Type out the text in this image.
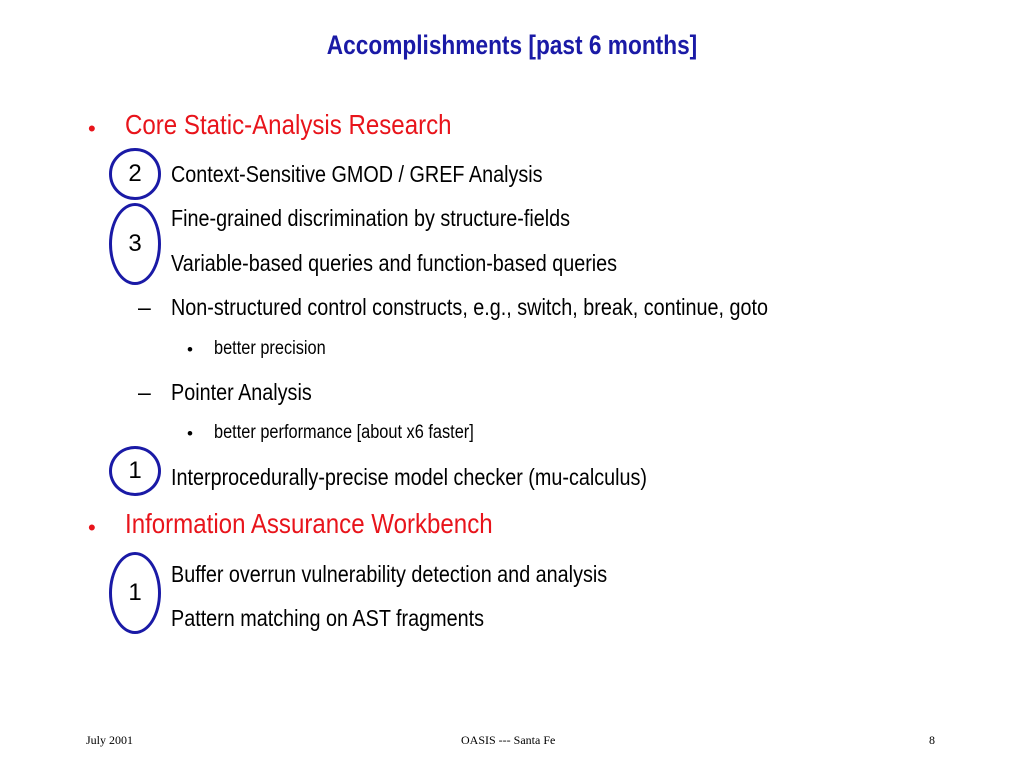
Accomplishments [past 6 months]
• Core Static-Analysis Research
Context-Sensitive GMOD / GREF Analysis
Fine-grained discrimination by structure-fields
Variable-based queries and function-based queries
– Non-structured control constructs, e.g., switch, break, continue, goto
• better precision
– Pointer Analysis
• better performance [about x6 faster]
Interprocedurally-precise model checker (mu-calculus)
• Information Assurance Workbench
Buffer overrun vulnerability detection and analysis
Pattern matching on AST fragments
2
3
1
1
July 2001	OASIS --- Santa Fe	8
